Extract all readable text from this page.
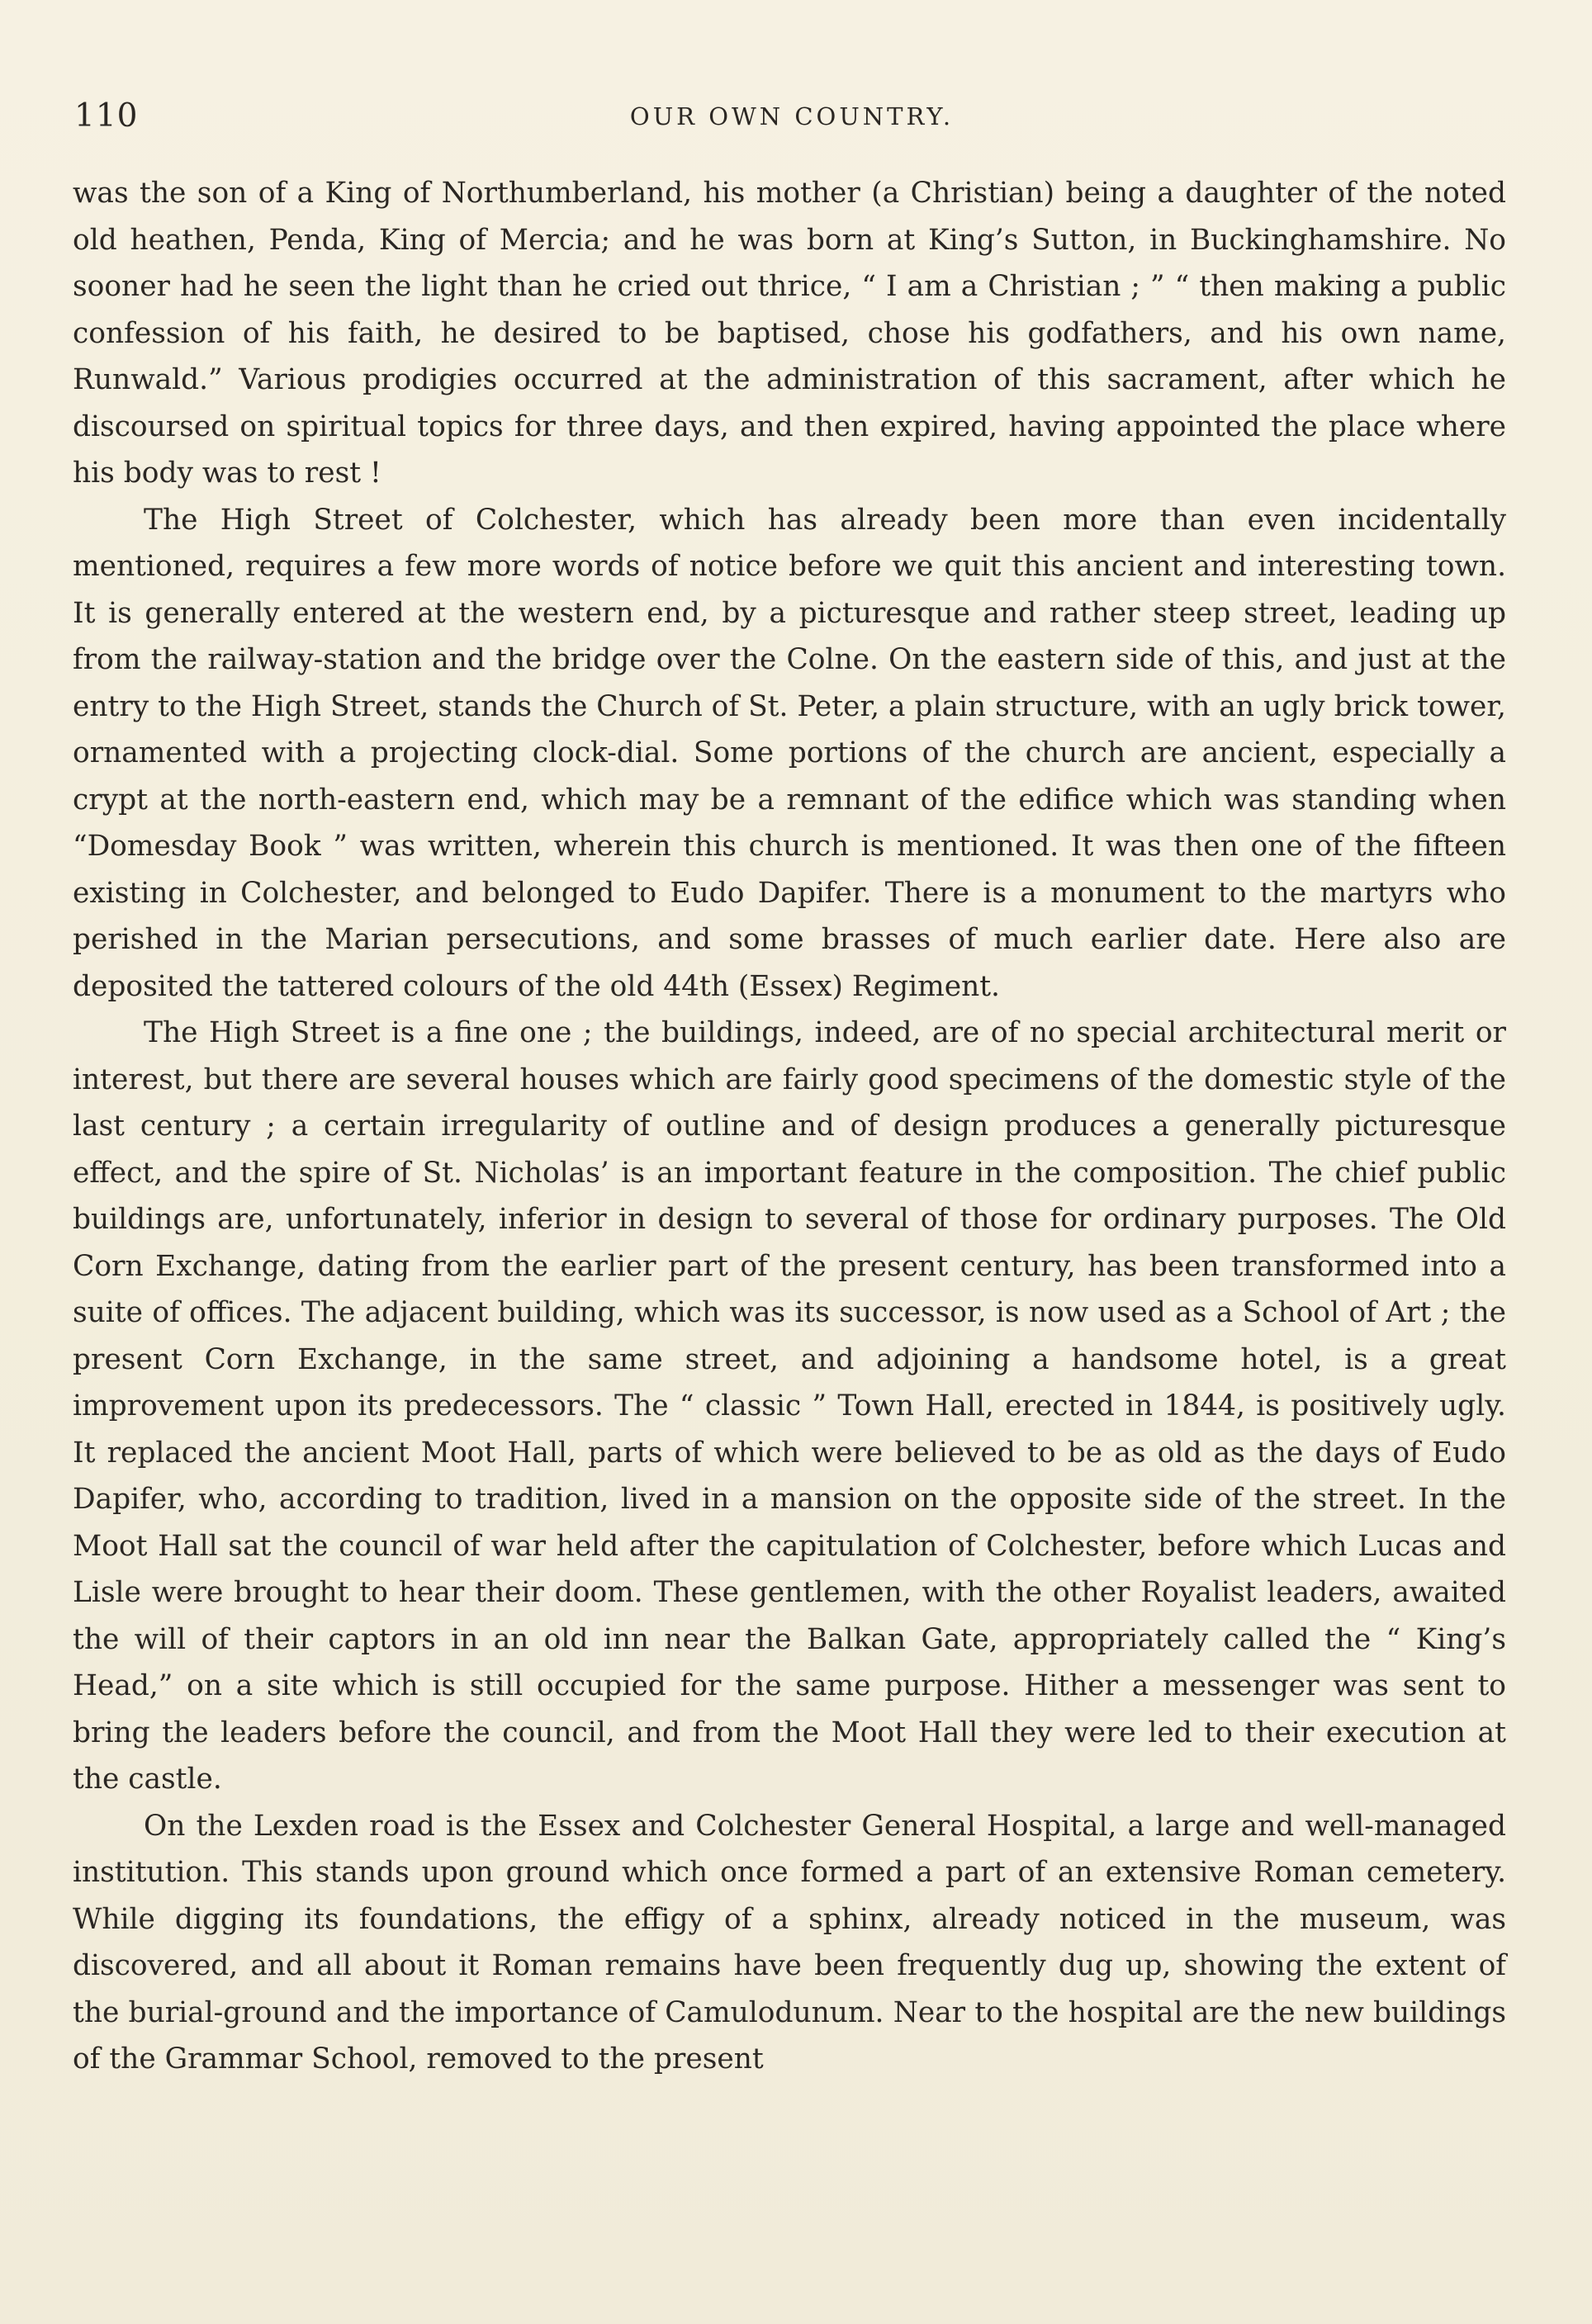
110	OUR OWN COUNTRY.

was the son of a King of Northumberland, his mother (a Christian) being a daughter of the noted old heathen, Penda, King of Mercia; and he was born at King’s Sutton, in Buckinghamshire. No sooner had he seen the light than he cried out thrice, “ I am a Christian ; ” “ then making a public confession of his faith, he desired to be baptised, chose his godfathers, and his own name, Runwald.” Various prodigies occurred at the administration of this sacrament, after which he discoursed on spiritual topics for three days, and then expired, having appointed the place where his body was to rest !

The High Street of Colchester, which has already been more than even incidentally mentioned, requires a few more words of notice before we quit this ancient and interesting town. It is generally entered at the western end, by a picturesque and rather steep street, leading up from the railway-station and the bridge over the Colne. On the eastern side of this, and just at the entry to the High Street, stands the Church of St. Peter, a plain structure, with an ugly brick tower, ornamented with a projecting clock-dial. Some portions of the church are ancient, especially a crypt at the north-eastern end, which may be a remnant of the edifice which was standing when “Domesday Book ” was written, wherein this church is mentioned. It was then one of the fifteen existing in Colchester, and belonged to Eudo Dapifer. There is a monument to the martyrs who perished in the Marian persecutions, and some brasses of much earlier date. Here also are deposited the tattered colours of the old 44th (Essex) Regiment.

The High Street is a fine one ; the buildings, indeed, are of no special architectural merit or interest, but there are several houses which are fairly good specimens of the domestic style of the last century ; a certain irregularity of outline and of design produces a generally picturesque effect, and the spire of St. Nicholas’ is an important feature in the composition. The chief public buildings are, unfortunately, inferior in design to several of those for ordinary purposes. The Old Corn Exchange, dating from the earlier part of the present century, has been transformed into a suite of offices. The adjacent building, which was its successor, is now used as a School of Art ; the present Corn Exchange, in the same street, and adjoining a handsome hotel, is a great improvement upon its predecessors. The “ classic ” Town Hall, erected in 1844, is positively ugly. It replaced the ancient Moot Hall, parts of which were believed to be as old as the days of Eudo Dapifer, who, according to tradition, lived in a mansion on the opposite side of the street. In the Moot Hall sat the council of war held after the capitulation of Colchester, before which Lucas and Lisle were brought to hear their doom. These gentlemen, with the other Royalist leaders, awaited the will of their captors in an old inn near the Balkan Gate, appropriately called the “ King’s Head,” on a site which is still occupied for the same purpose. Hither a messenger was sent to bring the leaders before the council, and from the Moot Hall they were led to their execution at the castle.

On the Lexden road is the Essex and Colchester General Hospital, a large and well-managed institution. This stands upon ground which once formed a part of an extensive Roman cemetery. While digging its foundations, the effigy of a sphinx, already noticed in the museum, was discovered, and all about it Roman remains have been frequently dug up, showing the extent of the burial-ground and the importance of Camulodunum. Near to the hospital are the new buildings of the Grammar School, removed to the present
